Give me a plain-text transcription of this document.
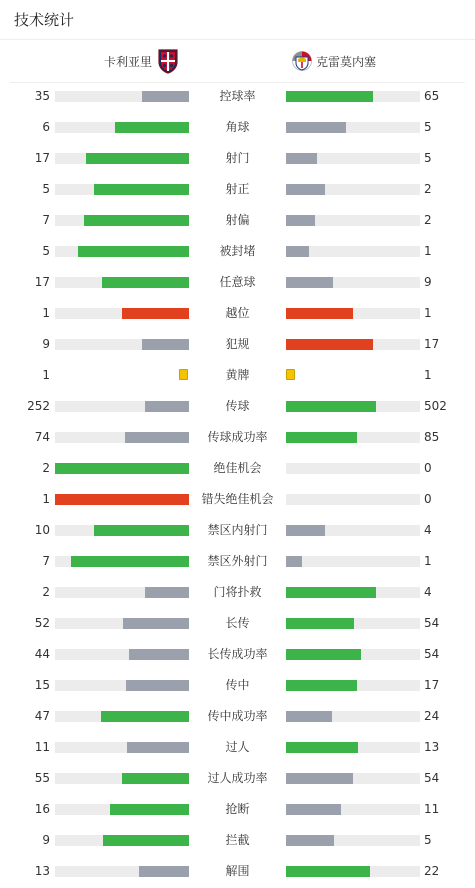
技术统计
卡利亚里	克雷莫内塞
35	控球率	65
6	角球	5
17	射门	5
5	射正	2
7	射偏	2
5	被封堵	1
17	任意球	9
1	越位	1
9	犯规	17
1	黄牌	1
252	传球	502
74	传球成功率	85
2	绝佳机会	0
1	错失绝佳机会	0
10	禁区内射门	4
7	禁区外射门	1
2	门将扑救	4
52	长传	54
44	长传成功率	54
15	传中	17
47	传中成功率	24
11	过人	13
55	过人成功率	54
16	抢断	11
9	拦截	5
13	解围	22
